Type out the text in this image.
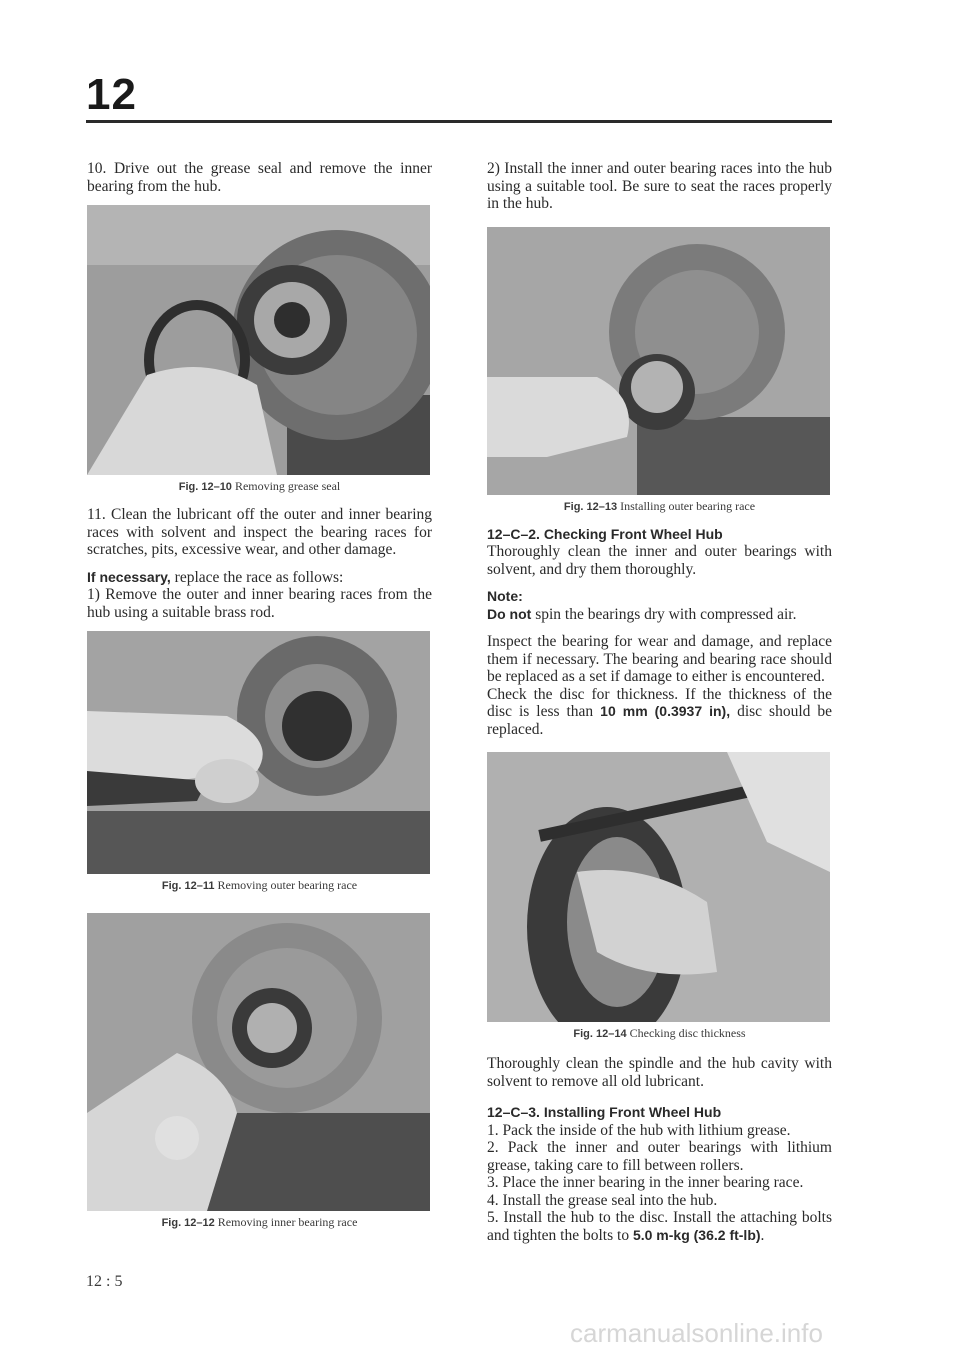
12

10. Drive out the grease seal and remove the inner bearing from the hub.

Fig. 12–10 Removing grease seal

11. Clean the lubricant off the outer and inner bearing races with solvent and inspect the bearing races for scratches, pits, excessive wear, and other damage.

If necessary, replace the race as follows:
1) Remove the outer and inner bearing races from the hub using a suitable brass rod.

Fig. 12–11 Removing outer bearing race
Fig. 12–12 Removing inner bearing race

2) Install the inner and outer bearing races into the hub using a suitable tool. Be sure to seat the races properly in the hub.

Fig. 12–13 Installing outer bearing race

12–C–2. Checking Front Wheel Hub
Thoroughly clean the inner and outer bearings with solvent, and dry them thoroughly.

Note:
Do not spin the bearings dry with compressed air.

Inspect the bearing for wear and damage, and replace them if necessary. The bearing and bearing race should be replaced as a set if damage to either is encountered.

Check the disc for thickness. If the thickness of the disc is less than 10 mm (0.3937 in), disc should be replaced.

Fig. 12–14 Checking disc thickness

Thoroughly clean the spindle and the hub cavity with solvent to remove all old lubricant.

12–C–3. Installing Front Wheel Hub
1. Pack the inside of the hub with lithium grease.
2. Pack the inner and outer bearings with lithium grease, taking care to fill between rollers.
3. Place the inner bearing in the inner bearing race.
4. Install the grease seal into the hub.
5. Install the hub to the disc. Install the attaching bolts and tighten the bolts to 5.0 m-kg (36.2 ft-lb).

12 : 5
carmanualsonline.info
